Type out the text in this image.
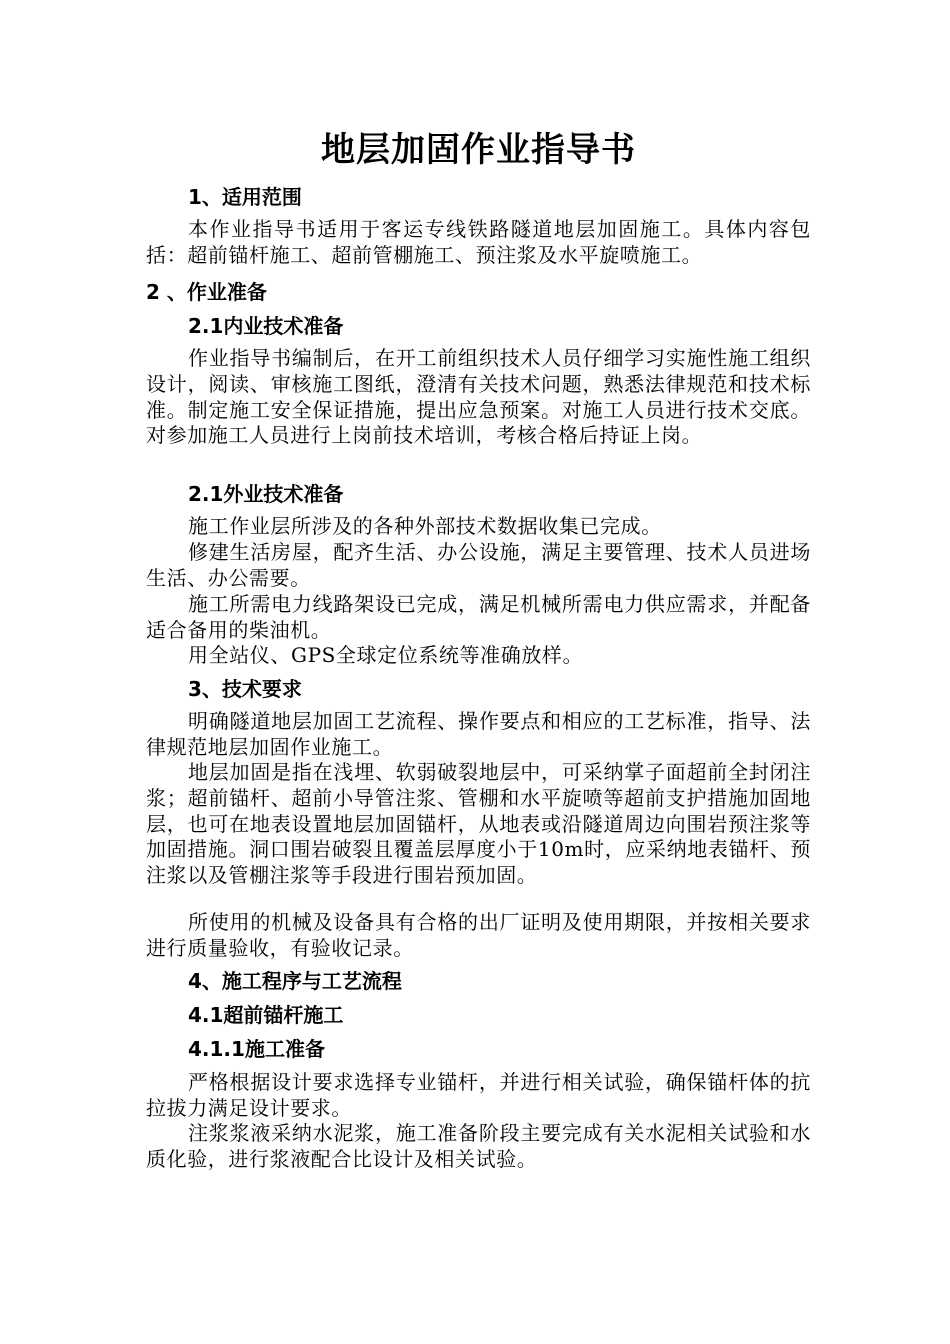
地层加固作业指导书
1、适用范围
本作业指导书适用于客运专线铁路隧道地层加固施工。具体内容包括：超前锚杆施工、超前管棚施工、预注浆及水平旋喷施工。
2 、作业准备
2.1内业技术准备
作业指导书编制后，在开工前组织技术人员仔细学习实施性施工组织设计，阅读、审核施工图纸，澄清有关技术问题，熟悉法律规范和技术标准。制定施工安全保证措施，提出应急预案。对施工人员进行技术交底。对参加施工人员进行上岗前技术培训，考核合格后持证上岗。
2.1外业技术准备
施工作业层所涉及的各种外部技术数据收集已完成。
修建生活房屋，配齐生活、办公设施，满足主要管理、技术人员进场生活、办公需要。
施工所需电力线路架设已完成，满足机械所需电力供应需求，并配备适合备用的柴油机。
用全站仪、GPS全球定位系统等准确放样。
3、技术要求
明确隧道地层加固工艺流程、操作要点和相应的工艺标准，指导、法律规范地层加固作业施工。
地层加固是指在浅埋、软弱破裂地层中，可采纳掌子面超前全封闭注浆；超前锚杆、超前小导管注浆、管棚和水平旋喷等超前支护措施加固地层，也可在地表设置地层加固锚杆，从地表或沿隧道周边向围岩预注浆等加固措施。洞口围岩破裂且覆盖层厚度小于10m时，应采纳地表锚杆、预注浆以及管棚注浆等手段进行围岩预加固。
所使用的机械及设备具有合格的出厂证明及使用期限，并按相关要求进行质量验收，有验收记录。
4、施工程序与工艺流程
4.1超前锚杆施工
4.1.1施工准备
严格根据设计要求选择专业锚杆，并进行相关试验，确保锚杆体的抗拉拔力满足设计要求。
注浆浆液采纳水泥浆，施工准备阶段主要完成有关水泥相关试验和水质化验，进行浆液配合比设计及相关试验。
